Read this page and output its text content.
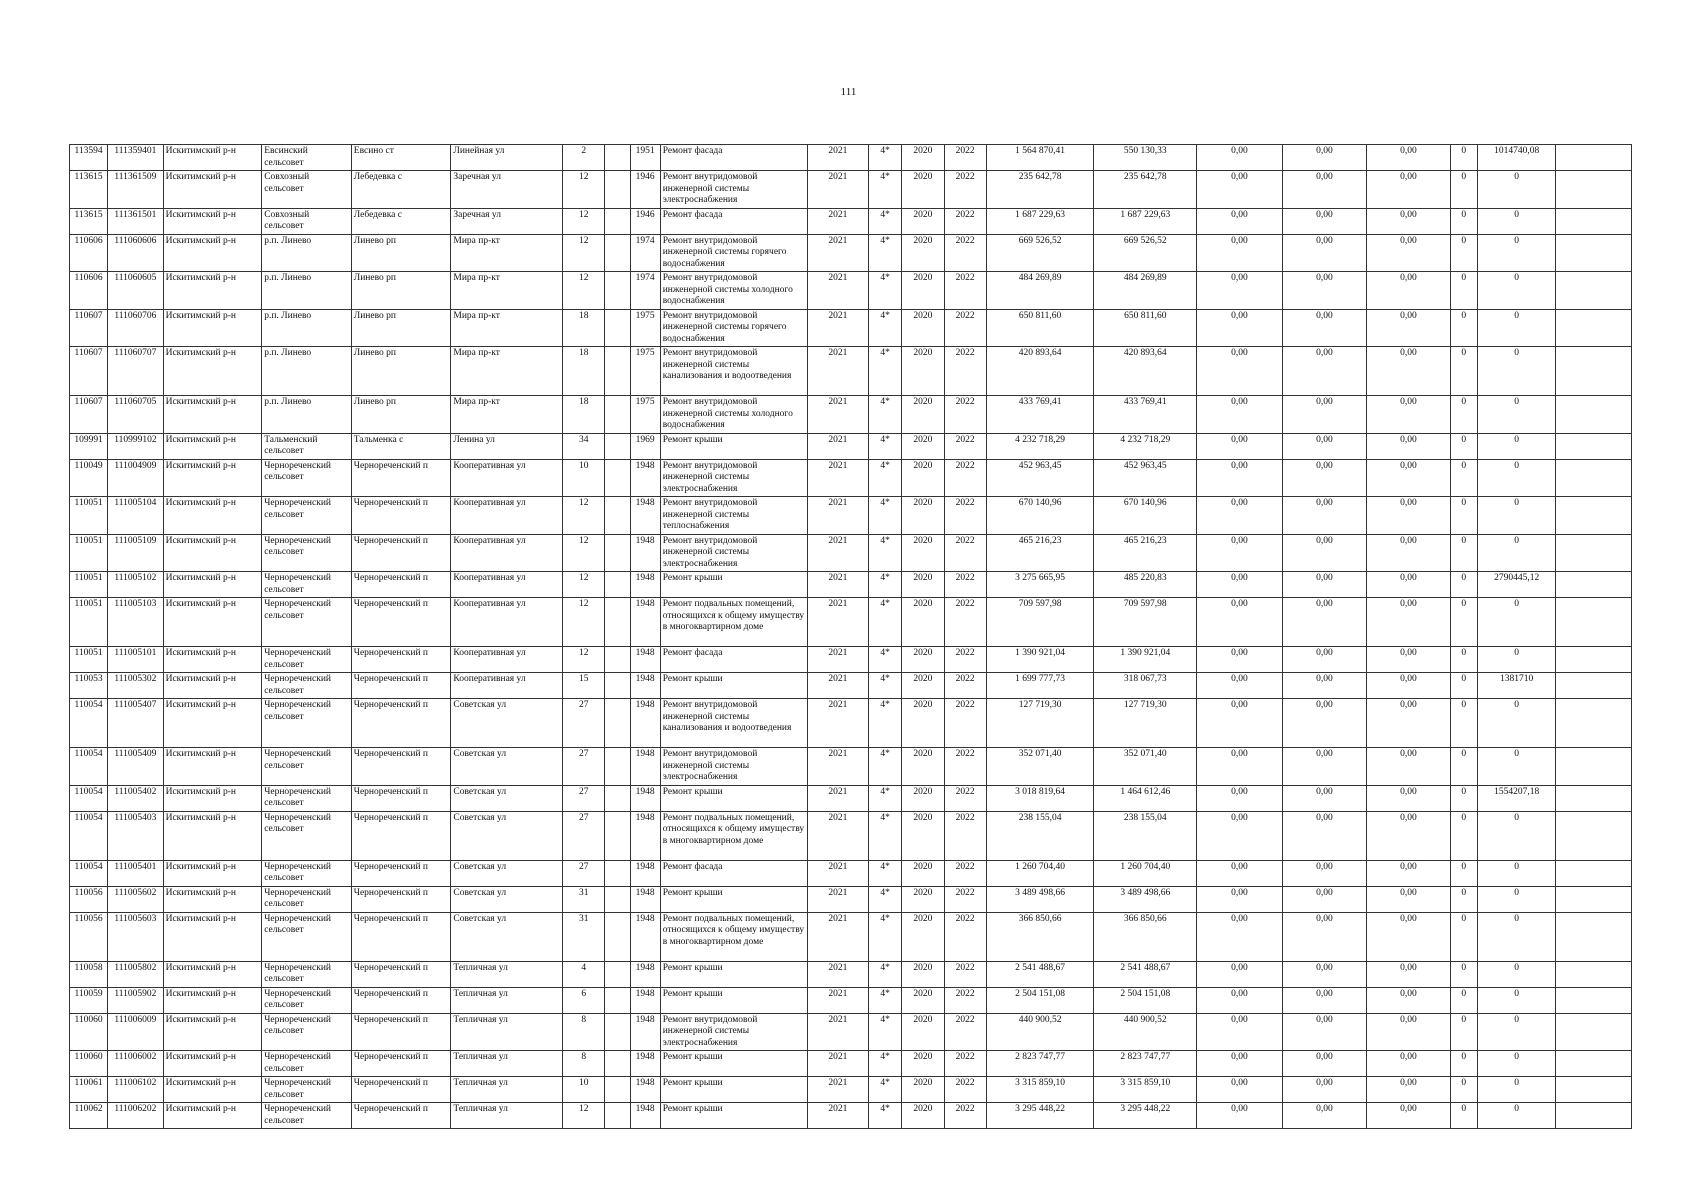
111
113594	111359401	Искитимский р-н	Евсинский сельсовет	Евсино ст	Линейная ул	2		1951	Ремонт фасада	2021	4*	2020	2022	1 564 870,41	550 130,33	0,00	0,00	0,00	0	1014740,08	
113615	111361509	Искитимский р-н	Совхозный сельсовет	Лебедевка с	Заречная ул	12		1946	Ремонт внутридомовой инженерной системы электроснабжения	2021	4*	2020	2022	235 642,78	235 642,78	0,00	0,00	0,00	0	0	
113615	111361501	Искитимский р-н	Совхозный сельсовет	Лебедевка с	Заречная ул	12		1946	Ремонт фасада	2021	4*	2020	2022	1 687 229,63	1 687 229,63	0,00	0,00	0,00	0	0	
110606	111060606	Искитимский р-н	р.п. Линево	Линево рп	Мира пр-кт	12		1974	Ремонт внутридомовой инженерной системы горячего водоснабжения	2021	4*	2020	2022	669 526,52	669 526,52	0,00	0,00	0,00	0	0	
110606	111060605	Искитимский р-н	р.п. Линево	Линево рп	Мира пр-кт	12		1974	Ремонт внутридомовой инженерной системы холодного водоснабжения	2021	4*	2020	2022	484 269,89	484 269,89	0,00	0,00	0,00	0	0	
110607	111060706	Искитимский р-н	р.п. Линево	Линево рп	Мира пр-кт	18		1975	Ремонт внутридомовой инженерной системы горячего водоснабжения	2021	4*	2020	2022	650 811,60	650 811,60	0,00	0,00	0,00	0	0	
110607	111060707	Искитимский р-н	р.п. Линево	Линево рп	Мира пр-кт	18		1975	Ремонт внутридомовой инженерной системы канализования и водоотведения	2021	4*	2020	2022	420 893,64	420 893,64	0,00	0,00	0,00	0	0	
110607	111060705	Искитимский р-н	р.п. Линево	Линево рп	Мира пр-кт	18		1975	Ремонт внутридомовой инженерной системы холодного водоснабжения	2021	4*	2020	2022	433 769,41	433 769,41	0,00	0,00	0,00	0	0	
109991	110999102	Искитимский р-н	Тальменский сельсовет	Тальменка с	Ленина ул	34		1969	Ремонт крыши	2021	4*	2020	2022	4 232 718,29	4 232 718,29	0,00	0,00	0,00	0	0	
110049	111004909	Искитимский р-н	Чернореченский сельсовет	Чернореченский п	Кооперативная ул	10		1948	Ремонт внутридомовой инженерной системы электроснабжения	2021	4*	2020	2022	452 963,45	452 963,45	0,00	0,00	0,00	0	0	
110051	111005104	Искитимский р-н	Чернореченский сельсовет	Чернореченский п	Кооперативная ул	12		1948	Ремонт внутридомовой инженерной системы теплоснабжения	2021	4*	2020	2022	670 140,96	670 140,96	0,00	0,00	0,00	0	0	
110051	111005109	Искитимский р-н	Чернореченский сельсовет	Чернореченский п	Кооперативная ул	12		1948	Ремонт внутридомовой инженерной системы электроснабжения	2021	4*	2020	2022	465 216,23	465 216,23	0,00	0,00	0,00	0	0	
110051	111005102	Искитимский р-н	Чернореченский сельсовет	Чернореченский п	Кооперативная ул	12		1948	Ремонт крыши	2021	4*	2020	2022	3 275 665,95	485 220,83	0,00	0,00	0,00	0	2790445,12	
110051	111005103	Искитимский р-н	Чернореченский сельсовет	Чернореченский п	Кооперативная ул	12		1948	Ремонт подвальных помещений, относящихся к общему имуществу в многоквартирном доме	2021	4*	2020	2022	709 597,98	709 597,98	0,00	0,00	0,00	0	0	
110051	111005101	Искитимский р-н	Чернореченский сельсовет	Чернореченский п	Кооперативная ул	12		1948	Ремонт фасада	2021	4*	2020	2022	1 390 921,04	1 390 921,04	0,00	0,00	0,00	0	0	
110053	111005302	Искитимский р-н	Чернореченский сельсовет	Чернореченский п	Кооперативная ул	15		1948	Ремонт крыши	2021	4*	2020	2022	1 699 777,73	318 067,73	0,00	0,00	0,00	0	1381710	
110054	111005407	Искитимский р-н	Чернореченский сельсовет	Чернореченский п	Советская ул	27		1948	Ремонт внутридомовой инженерной системы канализования и водоотведения	2021	4*	2020	2022	127 719,30	127 719,30	0,00	0,00	0,00	0	0	
110054	111005409	Искитимский р-н	Чернореченский сельсовет	Чернореченский п	Советская ул	27		1948	Ремонт внутридомовой инженерной системы электроснабжения	2021	4*	2020	2022	352 071,40	352 071,40	0,00	0,00	0,00	0	0	
110054	111005402	Искитимский р-н	Чернореченский сельсовет	Чернореченский п	Советская ул	27		1948	Ремонт крыши	2021	4*	2020	2022	3 018 819,64	1 464 612,46	0,00	0,00	0,00	0	1554207,18	
110054	111005403	Искитимский р-н	Чернореченский сельсовет	Чернореченский п	Советская ул	27		1948	Ремонт подвальных помещений, относящихся к общему имуществу в многоквартирном доме	2021	4*	2020	2022	238 155,04	238 155,04	0,00	0,00	0,00	0	0	
110054	111005401	Искитимский р-н	Чернореченский сельсовет	Чернореченский п	Советская ул	27		1948	Ремонт фасада	2021	4*	2020	2022	1 260 704,40	1 260 704,40	0,00	0,00	0,00	0	0	
110056	111005602	Искитимский р-н	Чернореченский сельсовет	Чернореченский п	Советская ул	31		1948	Ремонт крыши	2021	4*	2020	2022	3 489 498,66	3 489 498,66	0,00	0,00	0,00	0	0	
110056	111005603	Искитимский р-н	Чернореченский сельсовет	Чернореченский п	Советская ул	31		1948	Ремонт подвальных помещений, относящихся к общему имуществу в многоквартирном доме	2021	4*	2020	2022	366 850,66	366 850,66	0,00	0,00	0,00	0	0	
110058	111005802	Искитимский р-н	Чернореченский сельсовет	Чернореченский п	Тепличная ул	4		1948	Ремонт крыши	2021	4*	2020	2022	2 541 488,67	2 541 488,67	0,00	0,00	0,00	0	0	
110059	111005902	Искитимский р-н	Чернореченский сельсовет	Чернореченский п	Тепличная ул	6		1948	Ремонт крыши	2021	4*	2020	2022	2 504 151,08	2 504 151,08	0,00	0,00	0,00	0	0	
110060	111006009	Искитимский р-н	Чернореченский сельсовет	Чернореченский п	Тепличная ул	8		1948	Ремонт внутридомовой инженерной системы электроснабжения	2021	4*	2020	2022	440 900,52	440 900,52	0,00	0,00	0,00	0	0	
110060	111006002	Искитимский р-н	Чернореченский сельсовет	Чернореченский п	Тепличная ул	8		1948	Ремонт крыши	2021	4*	2020	2022	2 823 747,77	2 823 747,77	0,00	0,00	0,00	0	0	
110061	111006102	Искитимский р-н	Чернореченский сельсовет	Чернореченский п	Тепличная ул	10		1948	Ремонт крыши	2021	4*	2020	2022	3 315 859,10	3 315 859,10	0,00	0,00	0,00	0	0	
110062	111006202	Искитимский р-н	Чернореченский сельсовет	Чернореченский п	Тепличная ул	12		1948	Ремонт крыши	2021	4*	2020	2022	3 295 448,22	3 295 448,22	0,00	0,00	0,00	0	0	
